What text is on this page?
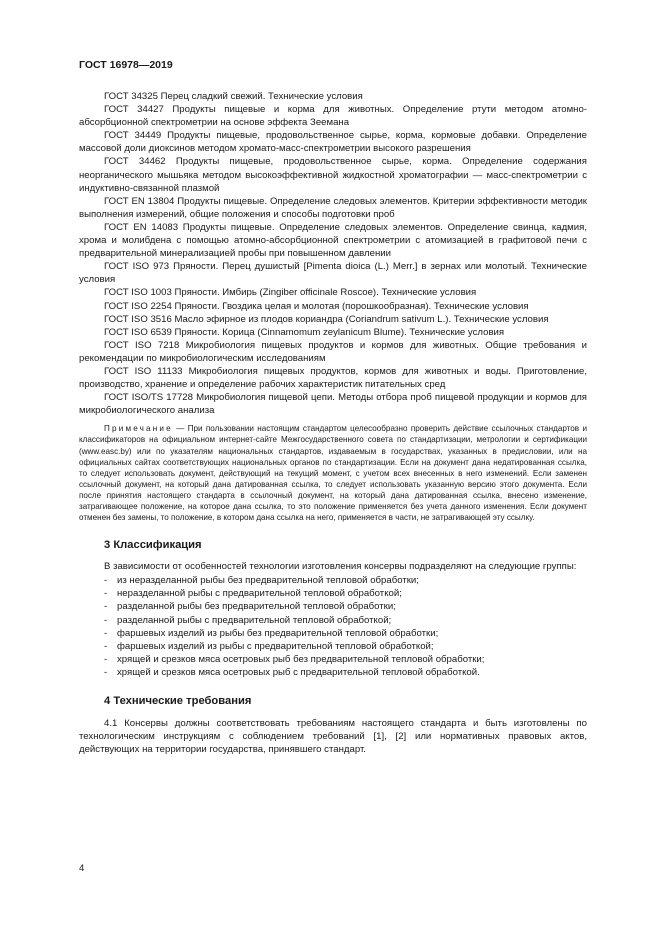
ГОСТ 16978—2019

ГОСТ 34325 Перец сладкий свежий. Технические условия

ГОСТ 34427 Продукты пищевые и корма для животных. Определение ртути методом атомно-абсорбционной спектрометрии на основе эффекта Зеемана

ГОСТ 34449 Продукты пищевые, продовольственное сырье, корма, кормовые добавки. Определение массовой доли диоксинов методом хромато-масс-спектрометрии высокого разрешения

ГОСТ 34462 Продукты пищевые, продовольственное сырье, корма. Определение содержания неорганического мышьяка методом высокоэффективной жидкостной хроматографии — масс-спектрометрии с индуктивно-связанной плазмой

ГОСТ EN 13804 Продукты пищевые. Определение следовых элементов. Критерии эффективности методик выполнения измерений, общие положения и способы подготовки проб

ГОСТ EN 14083 Продукты пищевые. Определение следовых элементов. Определение свинца, кадмия, хрома и молибдена с помощью атомно-абсорбционной спектрометрии с атомизацией в графитовой печи с предварительной минерализацией пробы при повышенном давлении

ГОСТ ISO 973 Пряности. Перец душистый [Pimenta dioica (L.) Merr.] в зернах или молотый. Технические условия

ГОСТ ISO 1003 Пряности. Имбирь (Zingiber officinale Roscoe). Технические условия

ГОСТ ISO 2254 Пряности. Гвоздика целая и молотая (порошкообразная). Технические условия

ГОСТ ISO 3516 Масло эфирное из плодов кориандра (Coriandrum sativum L.). Технические условия

ГОСТ ISO 6539 Пряности. Корица (Cinnamomum zeylanicum Blume). Технические условия

ГОСТ ISO 7218 Микробиология пищевых продуктов и кормов для животных. Общие требования и рекомендации по микробиологическим исследованиям

ГОСТ ISO 11133 Микробиология пищевых продуктов, кормов для животных и воды. Приготовление, производство, хранение и определение рабочих характеристик питательных сред

ГОСТ ISO/TS 17728 Микробиология пищевой цепи. Методы отбора проб пищевой продукции и кормов для микробиологического анализа

Примечание — При пользовании настоящим стандартом целесообразно проверить действие ссылочных стандартов и классификаторов на официальном интернет-сайте Межгосударственного совета по стандартизации, метрологии и сертификации (www.easc.by) или по указателям национальных стандартов, издаваемым в государствах, указанных в предисловии, или на официальных сайтах соответствующих национальных органов по стандартизации. Если на документ дана недатированная ссылка, то следует использовать документ, действующий на текущий момент, с учетом всех внесенных в него изменений. Если заменен ссылочный документ, на который дана датированная ссылка, то следует использовать указанную версию этого документа. Если после принятия настоящего стандарта в ссылочный документ, на который дана датированная ссылка, внесено изменение, затрагивающее положение, на которое дана ссылка, то это положение применяется без учета данного изменения. Если документ отменен без замены, то положение, в котором дана ссылка на него, применяется в части, не затрагивающей эту ссылку.

3 Классификация

В зависимости от особенностей технологии изготовления консервы подразделяют на следующие группы:

- из неразделанной рыбы без предварительной тепловой обработки;

- неразделанной рыбы с предварительной тепловой обработкой;

- разделанной рыбы без предварительной тепловой обработки;

- разделанной рыбы с предварительной тепловой обработкой;

- фаршевых изделий из рыбы без предварительной тепловой обработки;

- фаршевых изделий из рыбы с предварительной тепловой обработкой;

- хрящей и срезков мяса осетровых рыб без предварительной тепловой обработки;

- хрящей и срезков мяса осетровых рыб с предварительной тепловой обработкой.

4 Технические требования

4.1 Консервы должны соответствовать требованиям настоящего стандарта и быть изготовлены по технологическим инструкциям с соблюдением требований [1], [2] или нормативных правовых актов, действующих на территории государства, принявшего стандарт.

4
